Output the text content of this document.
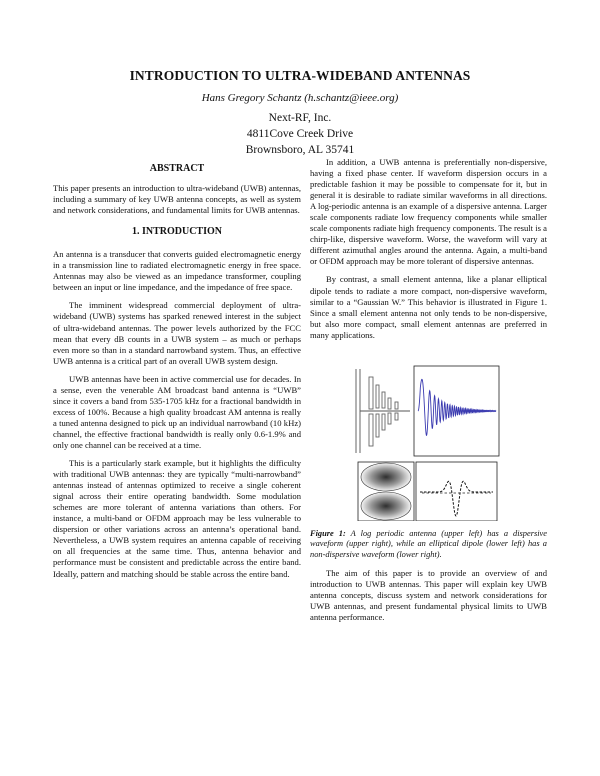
INTRODUCTION TO ULTRA-WIDEBAND ANTENNAS
Hans Gregory Schantz (h.schantz@ieee.org)
Next-RF, Inc.
4811Cove Creek Drive
Brownsboro, AL 35741
ABSTRACT

This paper presents an introduction to ultra-wideband (UWB) antennas, including a summary of key UWB antenna concepts, as well as system and network considerations, and fundamental limits for UWB antennas.

1. INTRODUCTION

An antenna is a transducer that converts guided electromagnetic energy in a transmission line to radiated electromagnetic energy in free space. Antennas may also be viewed as an impedance transformer, coupling between an input or line impedance, and the impedance of free space.

The imminent widespread commercial deployment of ultra-wideband (UWB) systems has sparked renewed interest in the subject of ultra-wideband antennas. The power levels authorized by the FCC mean that every dB counts in a UWB system – as much or perhaps even more so than in a standard narrowband system. Thus, an effective UWB antenna is a critical part of an overall UWB system design.

UWB antennas have been in active commercial use for decades. In a sense, even the venerable AM broadcast band antenna is “UWB” since it covers a band from 535-1705 kHz for a fractional bandwidth in excess of 100%. Because a high quality broadcast AM antenna is really a tuned antenna designed to pick up an individual narrowband (10 kHz) channel, the effective fractional bandwidth is really only 0.6-1.9% and only one channel can be received at a time.

This is a particularly stark example, but it highlights the difficulty with traditional UWB antennas: they are typically “multi-narrowband” antennas instead of antennas optimized to receive a single coherent signal across their entire operating bandwidth. Some modulation schemes are more tolerant of antenna variations than others. For instance, a multi-band or OFDM approach may be less vulnerable to dispersion or other variations across an antenna’s operational band. Nevertheless, a UWB system requires an antenna capable of receiving on all frequencies at the same time. Thus, antenna behavior and performance must be consistent and predictable across the entire band. Ideally, pattern and matching should be stable across the entire band.

In addition, a UWB antenna is preferentially non-dispersive, having a fixed phase center. If waveform dispersion occurs in a predictable fashion it may be possible to compensate for it, but in general it is desirable to radiate similar waveforms in all directions. A log-periodic antenna is an example of a dispersive antenna. Larger scale components radiate low frequency components while smaller scale components radiate high frequency components. The result is a chirp-like, dispersive waveform. Worse, the waveform will vary at different azimuthal angles around the antenna. Again, a multi-band or OFDM approach may be more tolerant of dispersive antennas.

By contrast, a small element antenna, like a planar elliptical dipole tends to radiate a more compact, non-dispersive waveform, similar to a “Gaussian W.” This behavior is illustrated in Figure 1. Since a small element antenna not only tends to be non-dispersive, but also more compact, small element antennas are preferred in many applications.

Figure 1: A log periodic antenna (upper left) has a dispersive waveform (upper right), while an elliptical dipole (lower left) has a non-dispersive waveform (lower right).

The aim of this paper is to provide an overview of and introduction to UWB antennas. This paper will explain key UWB antenna concepts, discuss system and network considerations for UWB antennas, and present fundamental physical limits to UWB antenna performance.
